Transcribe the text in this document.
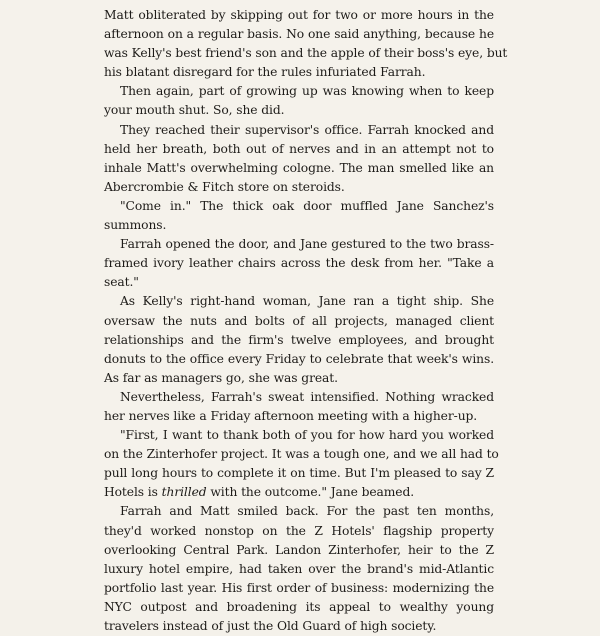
Matt obliterated by skipping out for two or more hours in the
afternoon on a regular basis. No one said anything, because he
was Kelly's best friend's son and the apple of their boss's eye, but
his blatant disregard for the rules infuriated Farrah.

Then again, part of growing up was knowing when to keep
your mouth shut. So, she did.

They reached their supervisor's office. Farrah knocked and
held her breath, both out of nerves and in an attempt not to
inhale Matt's overwhelming cologne. The man smelled like an
Abercrombie & Fitch store on steroids.

"Come in." The thick oak door muffled Jane Sanchez's
summons.

Farrah opened the door, and Jane gestured to the two brass-
framed ivory leather chairs across the desk from her. "Take a
seat."

As Kelly's right-hand woman, Jane ran a tight ship. She
oversaw the nuts and bolts of all projects, managed client
relationships and the firm's twelve employees, and brought
donuts to the office every Friday to celebrate that week's wins.
As far as managers go, she was great.

Nevertheless, Farrah's sweat intensified. Nothing wracked
her nerves like a Friday afternoon meeting with a higher-up.

"First, I want to thank both of you for how hard you worked
on the Zinterhofer project. It was a tough one, and we all had to
pull long hours to complete it on time. But I'm pleased to say Z
Hotels is thrilled with the outcome." Jane beamed.

Farrah and Matt smiled back. For the past ten months,
they'd worked nonstop on the Z Hotels' flagship property
overlooking Central Park. Landon Zinterhofer, heir to the Z
luxury hotel empire, had taken over the brand's mid-Atlantic
portfolio last year. His first order of business: modernizing the
NYC outpost and broadening its appeal to wealthy young
travelers instead of just the Old Guard of high society.
